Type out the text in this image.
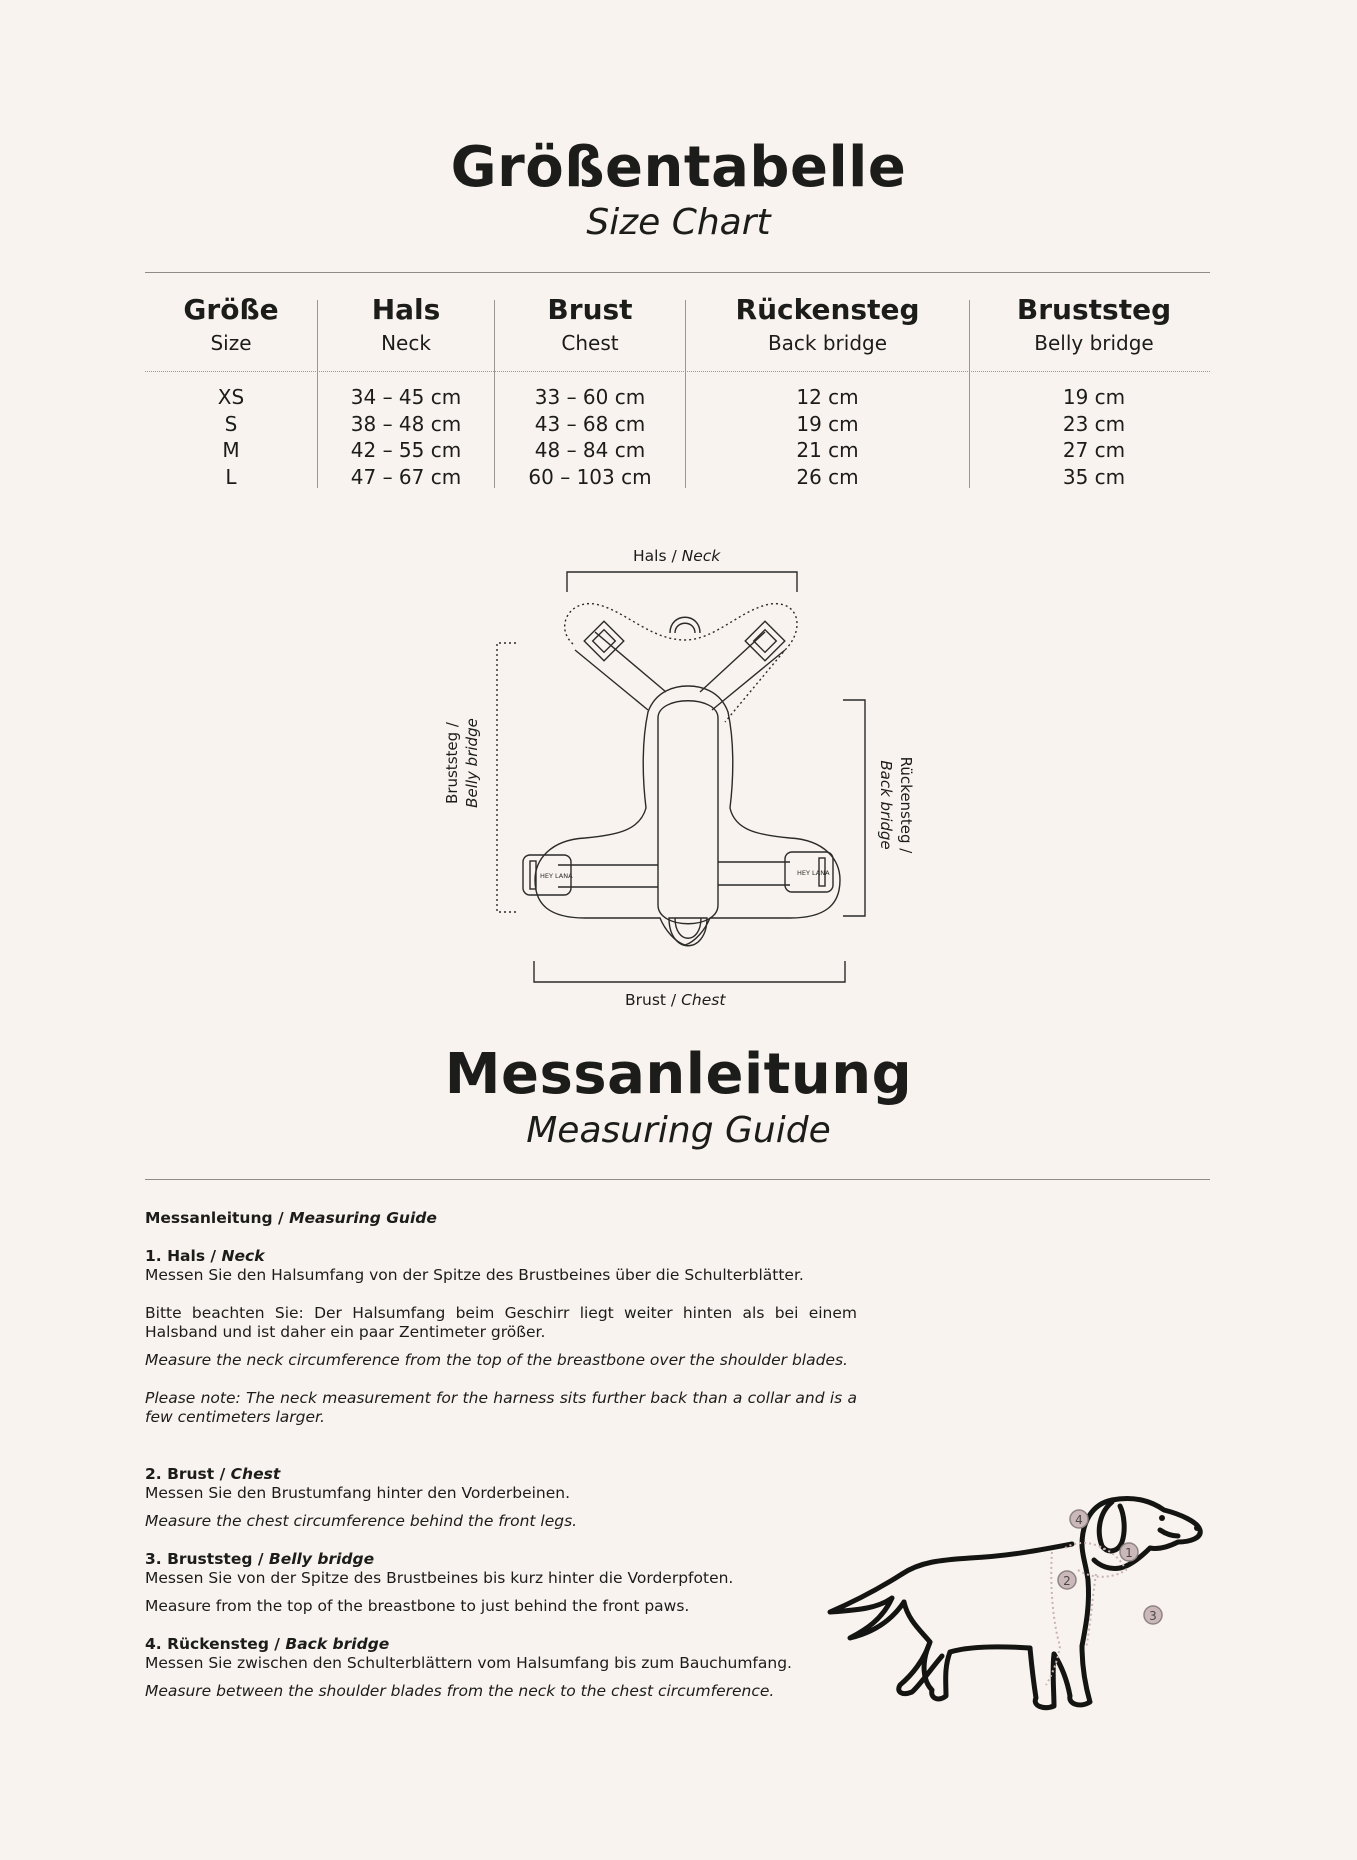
Größentabelle
Size Chart
Größe
Size
XS
S
M
L
Hals
Neck
34 – 45 cm
38 – 48 cm
42 – 55 cm
47 – 67 cm
Brust
Chest
33 – 60 cm
43 – 68 cm
48 – 84 cm
60 – 103 cm
Rückensteg
Back bridge
12 cm
19 cm
21 cm
26 cm
Bruststeg
Belly bridge
19 cm
23 cm
27 cm
35 cm
Hals / Neck
Brust / Chest
HEY LANA	HEY LANA
Bruststeg / Belly bridge	Rückensteg /
Back bridge
Messanleitung
Measuring Guide

Messanleitung / Measuring Guide

1. Hals / Neck

Messen Sie den Halsumfang von der Spitze des Brustbeines über die Schulterblätter.

Bitte beachten Sie: Der Halsumfang beim Geschirr liegt weiter hinten als bei einem Halsband und ist daher ein paar Zentimeter größer.

Measure the neck circumference from the top of the breastbone over the shoulder blades.

Please note: The neck measurement for the harness sits further back than a collar and is a few centimeters larger.

2. Brust / Chest

Messen Sie den Brustumfang hinter den Vorderbeinen.

Measure the chest circumference behind the front legs.

3. Bruststeg / Belly bridge

Messen Sie von der Spitze des Brustbeines bis kurz hinter die Vorderpfoten.

Measure from the top of the breastbone to just behind the front paws.

4. Rückensteg / Back bridge

Messen Sie zwischen den Schulterblättern vom Halsumfang bis zum Bauchumfang.

Measure between the shoulder blades from the neck to the chest circumference.

1
2
3
4
